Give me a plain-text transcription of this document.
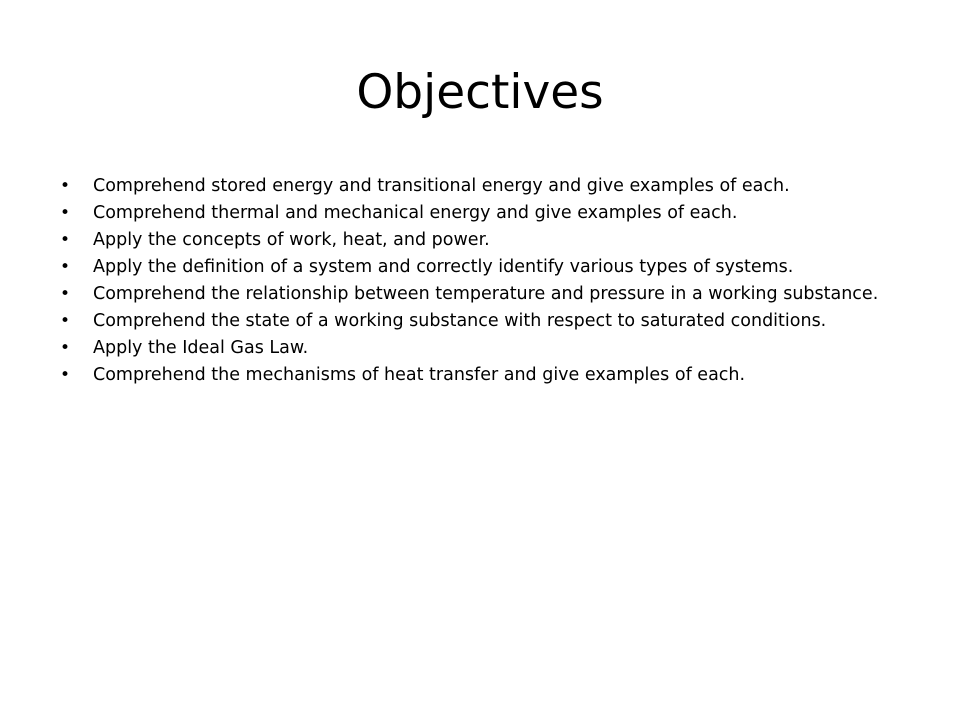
Objectives
•	Comprehend stored energy and transitional energy and give examples of each.
•	Comprehend thermal and mechanical energy and give examples of each.
•	Apply the concepts of work, heat, and power.
•	Apply the definition of a system and correctly identify various types of systems.
•	Comprehend the relationship between temperature and pressure in a working substance.
•	Comprehend the state of a working substance with respect to saturated conditions.
•	Apply the Ideal Gas Law.
•	Comprehend the mechanisms of heat transfer and give examples of each.
